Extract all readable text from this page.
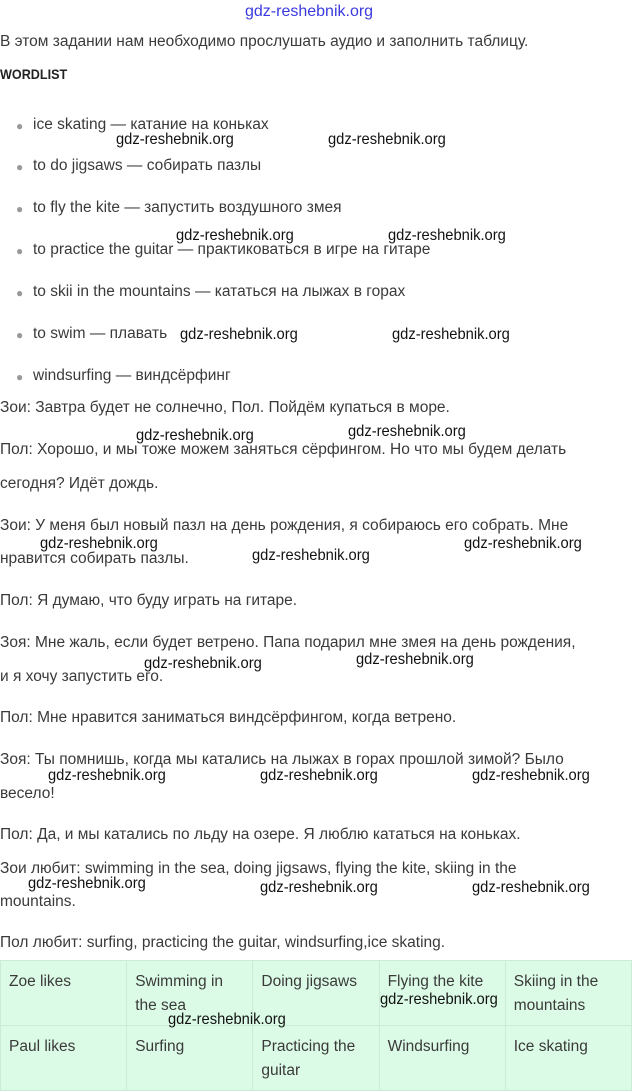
gdz-reshebnik.org
В этом задании нам необходимо прослушать аудио и заполнить таблицу.
WORDLIST
● ice skating — катание на коньках
● to do jigsaws — собирать пазлы
● to fly the kite — запустить воздушного змея
● to practice the guitar — практиковаться в игре на гитаре
● to skii in the mountains — кататься на лыжах в горах
● to swim — плавать
● windsurfing — виндсёрфинг
Зои: Завтра будет не солнечно, Пол. Пойдём купаться в море.
Пол: Хорошо, и мы тоже можем заняться сёрфингом. Но что мы будем делать
сегодня? Идёт дождь.
Зои: У меня был новый пазл на день рождения, я собираюсь его собрать. Мне
нравится собирать пазлы.
Пол: Я думаю, что буду играть на гитаре.
Зоя: Мне жаль, если будет ветрено. Папа подарил мне змея на день рождения,
и я хочу запустить его.
Пол: Мне нравится заниматься виндсёрфингом, когда ветрено.
Зоя: Ты помнишь, когда мы катались на лыжах в горах прошлой зимой? Было
весело!
Пол: Да, и мы катались по льду на озере. Я люблю кататься на коньках.
Зои любит: swimming in the sea, doing jigsaws, flying the kite, skiing in the
mountains.
Пол любит: surfing, practicing the guitar, windsurfing,ice skating.
Zoe likes	Swimming in the sea	Doing jigsaws	Flying the kite	Skiing in the mountains
Paul likes	Surfing	Practicing the guitar	Windsurfing	Ice skating
gdz-reshebnik.org	gdz-reshebnik.org
gdz-reshebnik.org	gdz-reshebnik.org
gdz-reshebnik.org	gdz-reshebnik.org
gdz-reshebnik.org	gdz-reshebnik.org
gdz-reshebnik.org
gdz-reshebnik.org
gdz-reshebnik.org
gdz-reshebnik.org	gdz-reshebnik.org
gdz-reshebnik.org	gdz-reshebnik.org	gdz-reshebnik.org
gdz-reshebnik.org	gdz-reshebnik.org	gdz-reshebnik.org
gdz-reshebnik.org
gdz-reshebnik.org
